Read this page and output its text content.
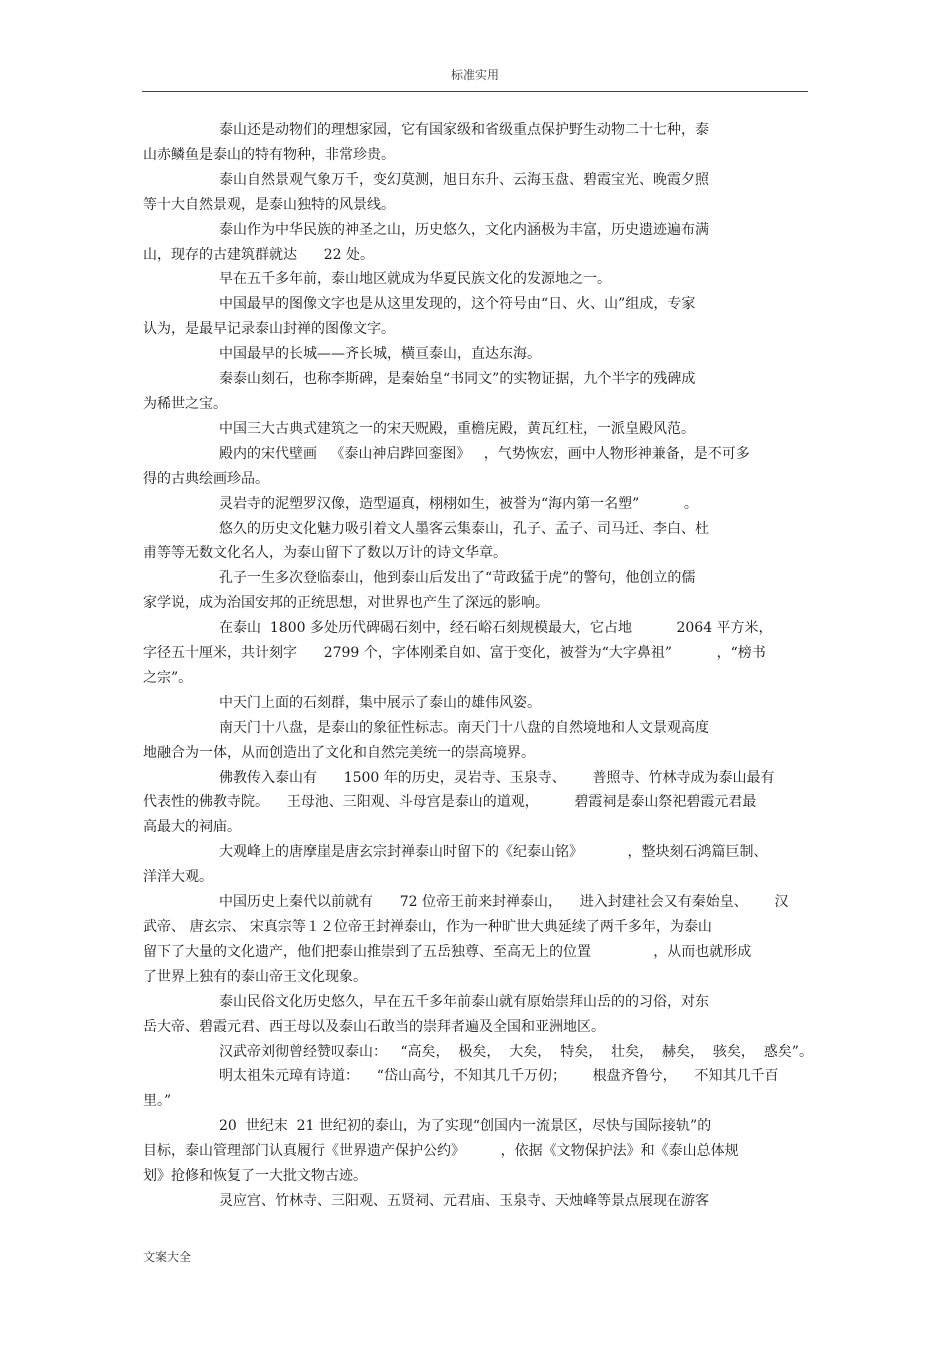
标准实用

泰山还是动物们的理想家园，它有国家级和省级重点保护野生动物二十七种，泰
山赤鳞鱼是泰山的特有物种，非常珍贵。

泰山自然景观气象万千，变幻莫测，旭日东升、云海玉盘、碧霞宝光、晚霞夕照
等十大自然景观，是泰山独特的风景线。

泰山作为中华民族的神圣之山，历史悠久，文化内涵极为丰富，历史遗迹遍布满
山，现存的古建筑群就达      22 处。

早在五千多年前，泰山地区就成为华夏民族文化的发源地之一。

中国最早的图像文字也是从这里发现的，这个符号由“日、火、山”组成，专家
认为，是最早记录泰山封禅的图像文字。

中国最早的长城——齐长城，横亘泰山，直达东海。

秦泰山刻石，也称李斯碑，是秦始皇“书同文”的实物证据，九个半字的残碑成
为稀世之宝。

中国三大古典式建筑之一的宋天贶殿，重檐庑殿，黄瓦红柱，一派皇殿风范。

殿内的宋代壁画   《泰山神启跸回銮图》   ，气势恢宏，画中人物形神兼备，是不可多
得的古典绘画珍品。

灵岩寺的泥塑罗汉像，造型逼真，栩栩如生，被誉为“海内第一名塑”          。

悠久的历史文化魅力吸引着文人墨客云集泰山，孔子、孟子、司马迁、李白、杜
甫等等无数文化名人，为泰山留下了数以万计的诗文华章。

孔子一生多次登临泰山，他到泰山后发出了“苛政猛于虎”的警句，他创立的儒
家学说，成为治国安邦的正统思想，对世界也产生了深远的影响。

在泰山  1800 多处历代碑碣石刻中，经石峪石刻规模最大，它占地          2064 平方米，
字径五十厘米，共计刻字      2799 个，字体刚柔自如、富于变化，被誉为“大字鼻祖”          ，“榜书
之宗”。

中天门上面的石刻群，集中展示了泰山的雄伟风姿。

南天门十八盘，是泰山的象征性标志。南天门十八盘的自然境地和人文景观高度
地融合为一体，从而创造出了文化和自然完美统一的崇高境界。

佛教传入泰山有      1500 年的历史，灵岩寺、玉泉寺、      普照寺、竹林寺成为泰山最有
代表性的佛教寺院。    王母池、三阳观、斗母宫是泰山的道观，        碧霞祠是泰山祭祀碧霞元君最
高最大的祠庙。

大观峰上的唐摩崖是唐玄宗封禅泰山时留下的《纪泰山铭》          ，整块刻石鸿篇巨制、
洋洋大观。

中国历史上秦代以前就有      72 位帝王前来封禅泰山，    进入封建社会又有秦始皇、      汉
武帝、 唐玄宗、 宋真宗等１２位帝王封禅泰山，作为一种旷世大典延续了两千多年，为泰山
留下了大量的文化遗产，他们把泰山推崇到了五岳独尊、至高无上的位置              ，从而也就形成
了世界上独有的泰山帝王文化现象。

泰山民俗文化历史悠久，早在五千多年前泰山就有原始崇拜山岳的的习俗，对东
岳大帝、碧霞元君、西王母以及泰山石敢当的崇拜者遍及全国和亚洲地区。

汉武帝刘彻曾经赞叹泰山：   “高矣，  极矣，  大矣，  特矣，  壮矣，  赫矣，  骇矣，  惑矣”。

明太祖朱元璋有诗道：    “岱山高兮，不知其几千万仞；      根盘齐鲁兮，    不知其几千百
里。”

20  世纪末  21 世纪初的泰山，为了实现“创国内一流景区，尽快与国际接轨”的
目标，泰山管理部门认真履行《世界遗产保护公约》        ，依据《文物保护法》和《泰山总体规
划》抢修和恢复了一大批文物古迹。

灵应宫、竹林寺、三阳观、五贤祠、元君庙、玉泉寺、天烛峰等景点展现在游客

文案大全
